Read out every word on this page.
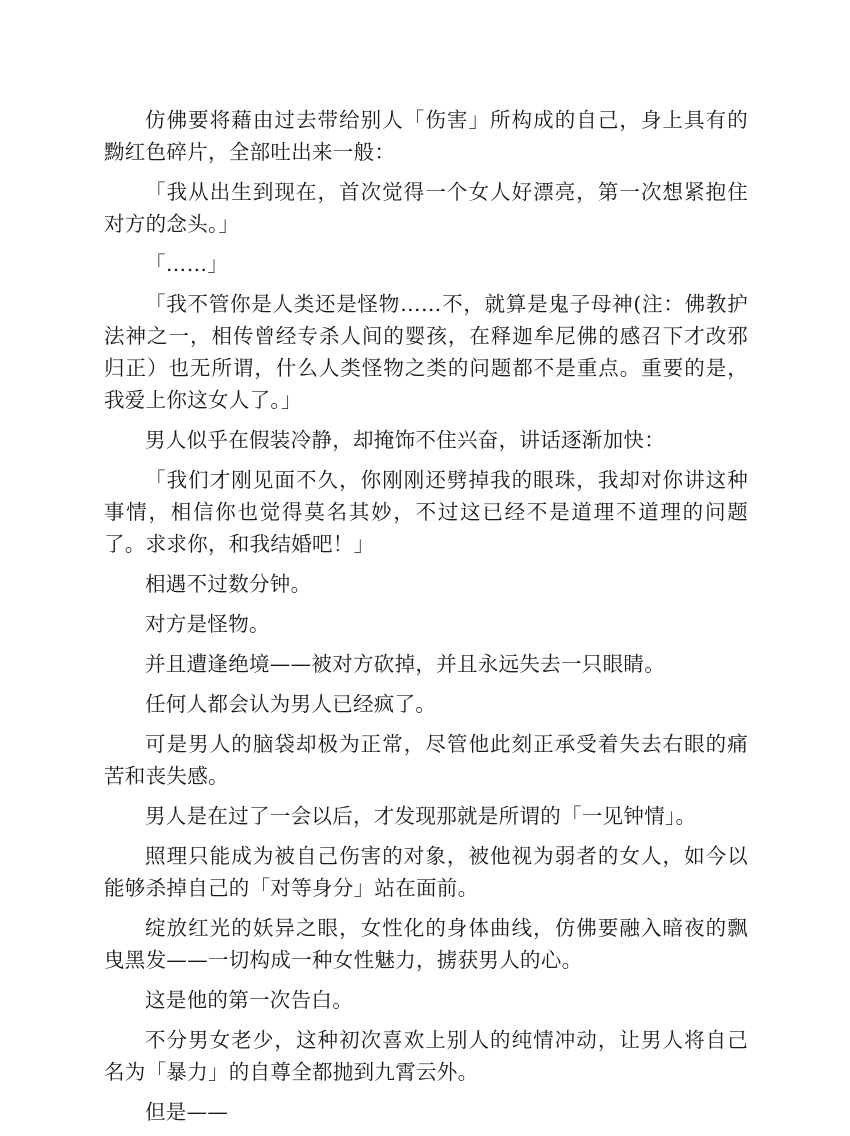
仿佛要将藉由过去带给别人「伤害」所构成的自己，身上具有的黝红色碎片，全部吐出来一般：

「我从出生到现在，首次觉得一个女人好漂亮，第一次想紧抱住对方的念头。」

「……」

「我不管你是人类还是怪物……不，就算是鬼子母神(注：佛教护法神之一，相传曾经专杀人间的婴孩，在释迦牟尼佛的感召下才改邪归正）也无所谓，什么人类怪物之类的问题都不是重点。重要的是，我爱上你这女人了。」

男人似乎在假装冷静，却掩饰不住兴奋，讲话逐渐加快：

「我们才刚见面不久，你刚刚还劈掉我的眼珠，我却对你讲这种事情，相信你也觉得莫名其妙，不过这已经不是道理不道理的问题了。求求你，和我结婚吧！」

相遇不过数分钟。

对方是怪物。

并且遭逢绝境——被对方砍掉，并且永远失去一只眼睛。

任何人都会认为男人已经疯了。

可是男人的脑袋却极为正常，尽管他此刻正承受着失去右眼的痛苦和丧失感。

男人是在过了一会以后，才发现那就是所谓的「一见钟情」。

照理只能成为被自己伤害的对象，被他视为弱者的女人，如今以能够杀掉自己的「对等身分」站在面前。

绽放红光的妖异之眼，女性化的身体曲线，仿佛要融入暗夜的飘曳黑发——一切构成一种女性魅力，掳获男人的心。

这是他的第一次告白。

不分男女老少，这种初次喜欢上别人的纯情冲动，让男人将自己名为「暴力」的自尊全都抛到九霄云外。

但是——
